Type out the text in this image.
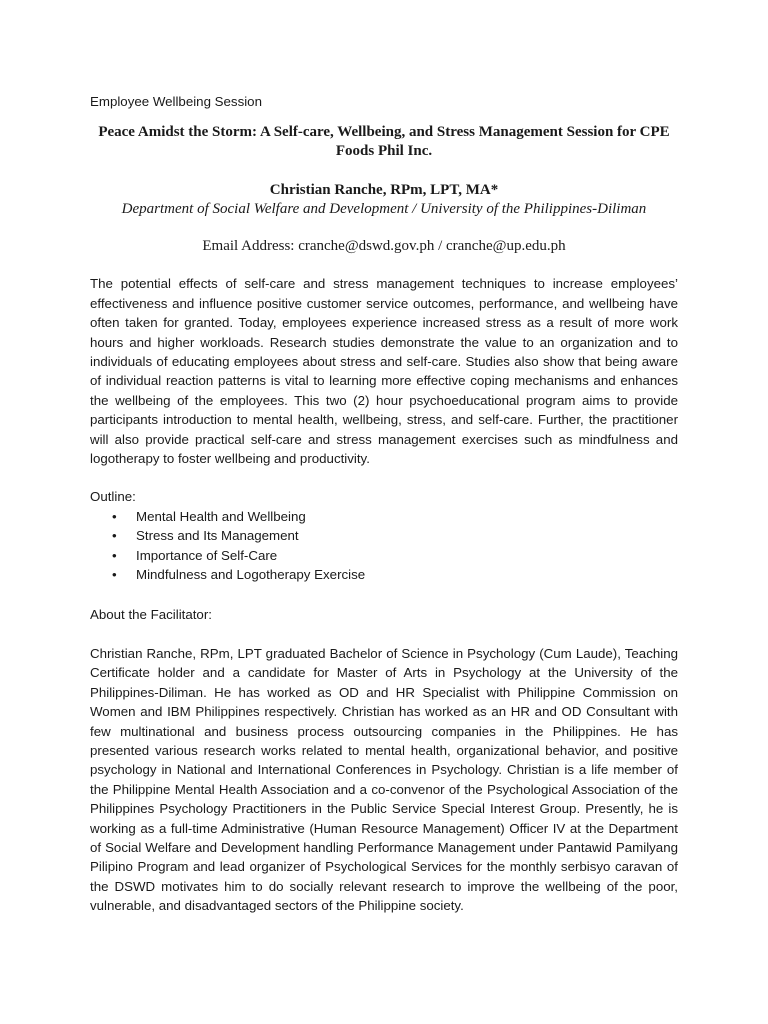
Employee Wellbeing Session

Peace Amidst the Storm: A Self-care, Wellbeing, and Stress Management Session for CPE Foods Phil Inc.

Christian Ranche, RPm, LPT, MA*

Department of Social Welfare and Development / University of the Philippines-Diliman

Email Address: cranche@dswd.gov.ph / cranche@up.edu.ph

The potential effects of self-care and stress management techniques to increase employees’ effectiveness and influence positive customer service outcomes, performance, and wellbeing have often taken for granted. Today, employees experience increased stress as a result of more work hours and higher workloads. Research studies demonstrate the value to an organization and to individuals of educating employees about stress and self-care. Studies also show that being aware of individual reaction patterns is vital to learning more effective coping mechanisms and enhances the wellbeing of the employees. This two (2) hour psychoeducational program aims to provide participants introduction to mental health, wellbeing, stress, and self-care. Further, the practitioner will also provide practical self-care and stress management exercises such as mindfulness and logotherapy to foster wellbeing and productivity.

Outline:

• Mental Health and Wellbeing
• Stress and Its Management
• Importance of Self-Care
• Mindfulness and Logotherapy Exercise

About the Facilitator:

Christian Ranche, RPm, LPT graduated Bachelor of Science in Psychology (Cum Laude), Teaching Certificate holder and a candidate for Master of Arts in Psychology at the University of the Philippines-Diliman. He has worked as OD and HR Specialist with Philippine Commission on Women and IBM Philippines respectively. Christian has worked as an HR and OD Consultant with few multinational and business process outsourcing companies in the Philippines. He has presented various research works related to mental health, organizational behavior, and positive psychology in National and International Conferences in Psychology. Christian is a life member of the Philippine Mental Health Association and a co-convenor of the Psychological Association of the Philippines Psychology Practitioners in the Public Service Special Interest Group. Presently, he is working as a full-time Administrative (Human Resource Management) Officer IV at the Department of Social Welfare and Development handling Performance Management under Pantawid Pamilyang Pilipino Program and lead organizer of Psychological Services for the monthly serbisyo caravan of the DSWD motivates him to do socially relevant research to improve the wellbeing of the poor, vulnerable, and disadvantaged sectors of the Philippine society.
